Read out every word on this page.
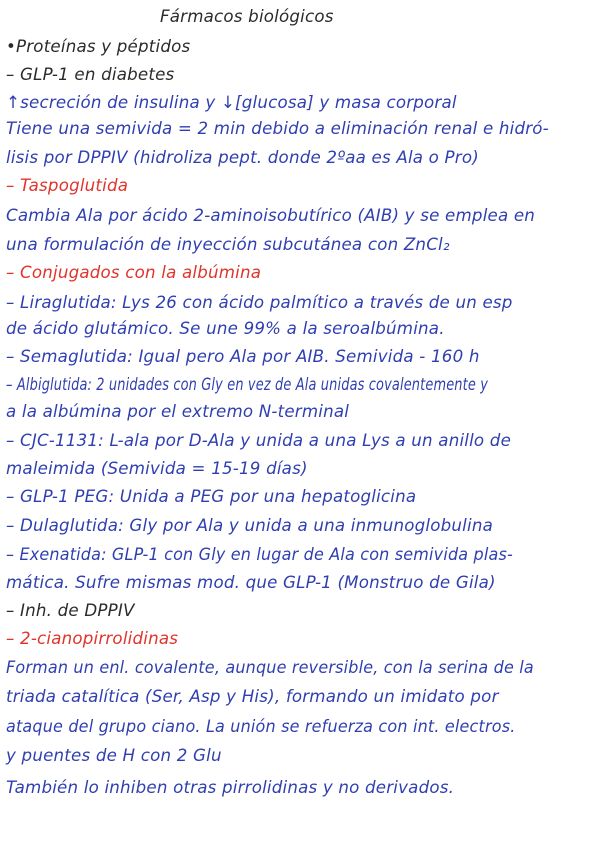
Fármacos biológicos
•Proteínas y péptidos
– GLP-1 en diabetes
↑secreción de insulina y ↓[glucosa] y masa corporal
Tiene una semivida = 2 min debido a eliminación renal e hidró-
lisis por DPPIV (hidroliza pept. donde 2ºaa es Ala o Pro)
– Taspoglutida
Cambia Ala por ácido 2-aminoisobutírico (AIB) y se emplea en
una formulación de inyección subcutánea con ZnCl₂
– Conjugados con la albúmina
– Liraglutida: Lys 26 con ácido palmítico a través de un esp
de ácido glutámico. Se une 99% a la seroalbúmina.
– Semaglutida: Igual pero Ala por AIB. Semivida - 160 h
– Albiglutida: 2 unidades con Gly en vez de Ala unidas covalentemente y
a la albúmina por el extremo N-terminal
– CJC-1131: L-ala por D-Ala y unida a una Lys a un anillo de
maleimida (Semivida = 15-19 días)
– GLP-1 PEG: Unida a PEG por una hepatoglicina
– Dulaglutida: Gly por Ala y unida a una inmunoglobulina
– Exenatida: GLP-1 con Gly en lugar de Ala con semivida plas-
mática. Sufre mismas mod. que GLP-1 (Monstruo de Gila)
– Inh. de DPPIV
– 2-cianopirrolidinas
Forman un enl. covalente, aunque reversible, con la serina de la
triada catalítica (Ser, Asp y His), formando un imidato por
ataque del grupo ciano. La unión se refuerza con int. electros.
y puentes de H con 2 Glu
También lo inhiben otras pirrolidinas y no derivados.
